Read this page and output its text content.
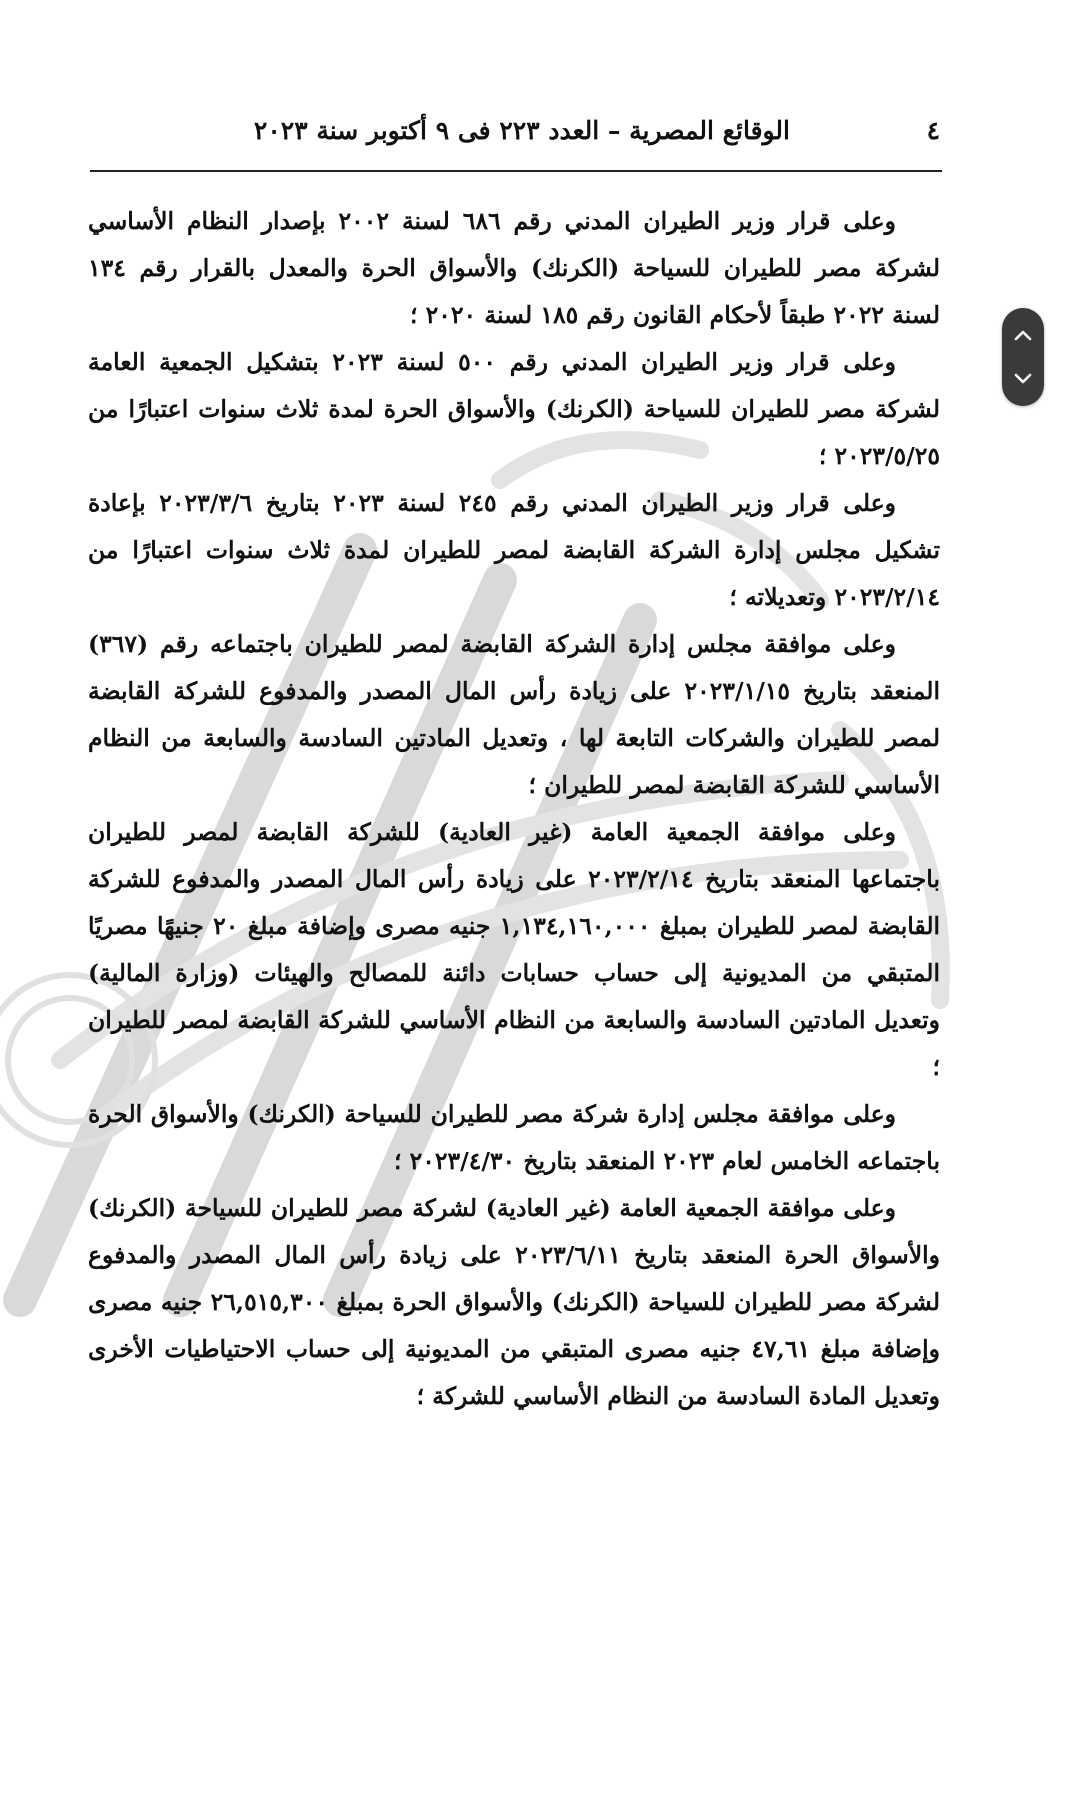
٤
الوقائع المصرية – العدد ٢٢٣ فى ٩ أكتوبر سنة ٢٠٢٣

وعلى قرار وزير الطيران المدني رقم ٦٨٦ لسنة ٢٠٠٢ بإصدار النظام الأساسي لشركة مصر للطيران للسياحة (الكرنك) والأسواق الحرة والمعدل بالقرار رقم ١٣٤ لسنة ٢٠٢٢ طبقاً لأحكام القانون رقم ١٨٥ لسنة ٢٠٢٠ ؛

وعلى قرار وزير الطيران المدني رقم ٥٠٠ لسنة ٢٠٢٣ بتشكيل الجمعية العامة لشركة مصر للطيران للسياحة (الكرنك) والأسواق الحرة لمدة ثلاث سنوات اعتبارًا من ٢٠٢٣/٥/٢٥ ؛

وعلى قرار وزير الطيران المدني رقم ٢٤٥ لسنة ٢٠٢٣ بتاريخ ٢٠٢٣/٣/٦ بإعادة تشكيل مجلس إدارة الشركة القابضة لمصر للطيران لمدة ثلاث سنوات اعتبارًا من ٢٠٢٣/٢/١٤ وتعديلاته ؛

وعلى موافقة مجلس إدارة الشركة القابضة لمصر للطيران باجتماعه رقم (٣٦٧) المنعقد بتاريخ ٢٠٢٣/١/١٥ على زيادة رأس المال المصدر والمدفوع للشركة القابضة لمصر للطيران والشركات التابعة لها ، وتعديل المادتين السادسة والسابعة من النظام الأساسي للشركة القابضة لمصر للطيران ؛

وعلى موافقة الجمعية العامة (غير العادية) للشركة القابضة لمصر للطيران باجتماعها المنعقد بتاريخ ٢٠٢٣/٢/١٤ على زيادة رأس المال المصدر والمدفوع للشركة القابضة لمصر للطيران بمبلغ ١,١٣٤,١٦٠,٠٠٠ جنيه مصرى وإضافة مبلغ ٢٠ جنيهًا مصريًا المتبقي من المديونية إلى حساب حسابات دائنة للمصالح والهيئات (وزارة المالية) وتعديل المادتين السادسة والسابعة من النظام الأساسي للشركة القابضة لمصر للطيران ؛

وعلى موافقة مجلس إدارة شركة مصر للطيران للسياحة (الكرنك) والأسواق الحرة باجتماعه الخامس لعام ٢٠٢٣ المنعقد بتاريخ ٢٠٢٣/٤/٣٠ ؛

وعلى موافقة الجمعية العامة (غير العادية) لشركة مصر للطيران للسياحة (الكرنك) والأسواق الحرة المنعقد بتاريخ ٢٠٢٣/٦/١١ على زيادة رأس المال المصدر والمدفوع لشركة مصر للطيران للسياحة (الكرنك) والأسواق الحرة بمبلغ ٢٦,٥١٥,٣٠٠ جنيه مصرى وإضافة مبلغ ٤٧,٦١ جنيه مصرى المتبقي من المديونية إلى حساب الاحتياطيات الأخرى وتعديل المادة السادسة من النظام الأساسي للشركة ؛
